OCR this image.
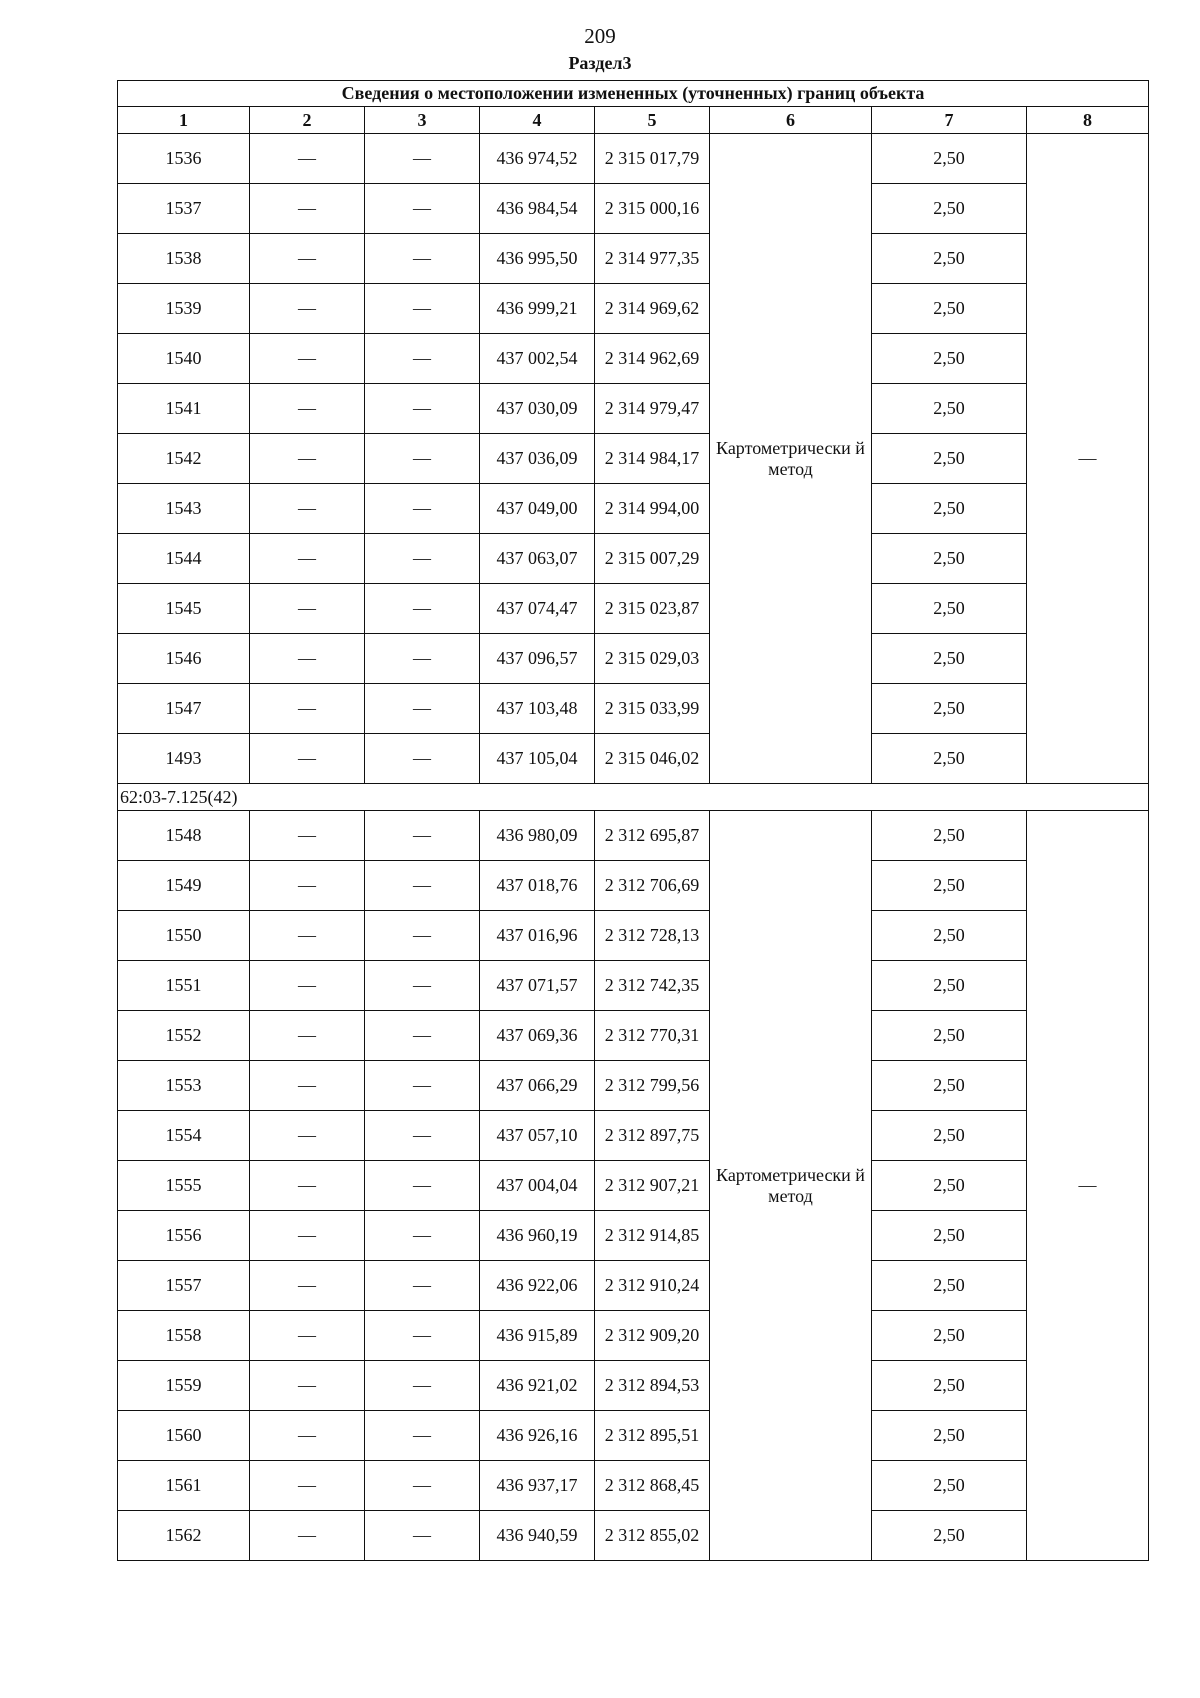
209
Раздел3
Сведения о местоположении измененных (уточненных) границ объекта							
1	2	3	4	5	6	7	8
1536	—	—	436 974,52	2 315 017,79	Картометрически й метод	2,50	—
1537	—	—	436 984,54	2 315 000,16		2,50	
1538	—	—	436 995,50	2 314 977,35		2,50	
1539	—	—	436 999,21	2 314 969,62		2,50	
1540	—	—	437 002,54	2 314 962,69		2,50	
1541	—	—	437 030,09	2 314 979,47		2,50	
1542	—	—	437 036,09	2 314 984,17		2,50	
1543	—	—	437 049,00	2 314 994,00		2,50	
1544	—	—	437 063,07	2 315 007,29		2,50	
1545	—	—	437 074,47	2 315 023,87		2,50	
1546	—	—	437 096,57	2 315 029,03		2,50	
1547	—	—	437 103,48	2 315 033,99		2,50	
1493	—	—	437 105,04	2 315 046,02		2,50	
62:03-7.125(42)							
1548	—	—	436 980,09	2 312 695,87	Картометрически й метод	2,50	—
1549	—	—	437 018,76	2 312 706,69		2,50	
1550	—	—	437 016,96	2 312 728,13		2,50	
1551	—	—	437 071,57	2 312 742,35		2,50	
1552	—	—	437 069,36	2 312 770,31		2,50	
1553	—	—	437 066,29	2 312 799,56		2,50	
1554	—	—	437 057,10	2 312 897,75		2,50	
1555	—	—	437 004,04	2 312 907,21		2,50	
1556	—	—	436 960,19	2 312 914,85		2,50	
1557	—	—	436 922,06	2 312 910,24		2,50	
1558	—	—	436 915,89	2 312 909,20		2,50	
1559	—	—	436 921,02	2 312 894,53		2,50	
1560	—	—	436 926,16	2 312 895,51		2,50	
1561	—	—	436 937,17	2 312 868,45		2,50	
1562	—	—	436 940,59	2 312 855,02		2,50	
